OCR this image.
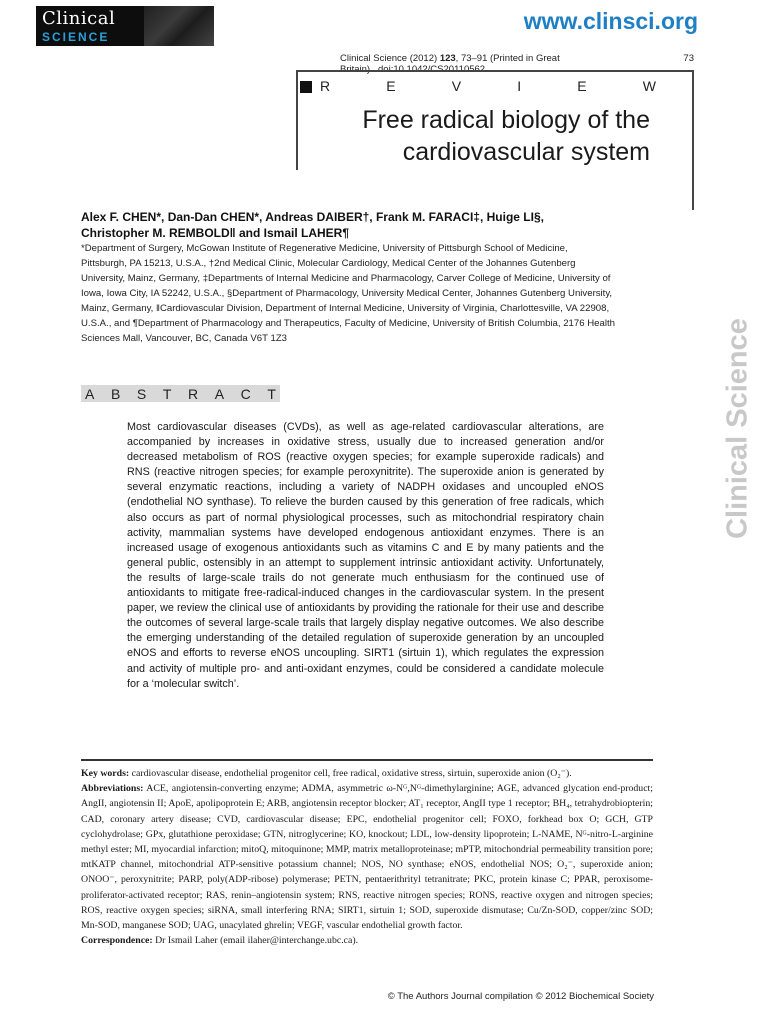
Clinical
SCIENCE
www.clinsci.org
Clinical Science (2012) 123, 73–91 (Printed in Great	73
R	E	V	I	E	W
Free radical biology of the
cardiovascular system
Alex F. CHEN*, Dan-Dan CHEN*, Andreas DAIBER†, Frank M. FARACI‡, Huige LI§,
Christopher M. REMBOLD‖ and Ismail LAHER¶
*Department of Surgery, McGowan Institute of Regenerative Medicine, University of Pittsburgh School of Medicine, Pittsburgh, PA 15213, U.S.A., †2nd Medical Clinic, Molecular Cardiology, Medical Center of the Johannes Gutenberg University, Mainz, Germany, ‡Departments of Internal Medicine and Pharmacology, Carver College of Medicine, University of Iowa, Iowa City, IA 52242, U.S.A., §Department of Pharmacology, University Medical Center, Johannes Gutenberg University, Mainz, Germany, ‖Cardiovascular Division, Department of Internal Medicine, University of Virginia, Charlottesville, VA 22908, U.S.A., and ¶Department of Pharmacology and Therapeutics, Faculty of Medicine, University of British Columbia, 2176 Health Sciences Mall, Vancouver, BC, Canada V6T 1Z3	Clinical Science
A B S T R A C T
Most cardiovascular diseases (CVDs), as well as age-related cardiovascular alterations, are accompanied by increases in oxidative stress, usually due to increased generation and/or decreased metabolism of ROS (reactive oxygen species; for example superoxide radicals) and RNS (reactive nitrogen species; for example peroxynitrite). The superoxide anion is generated by several enzymatic reactions, including a variety of NADPH oxidases and uncoupled eNOS (endothelial NO synthase). To relieve the burden caused by this generation of free radicals, which also occurs as part of normal physiological processes, such as mitochondrial respiratory chain activity, mammalian systems have developed endogenous antioxidant enzymes. There is an increased usage of exogenous antioxidants such as vitamins C and E by many patients and the general public, ostensibly in an attempt to supplement intrinsic antioxidant activity. Unfortunately, the results of large-scale trails do not generate much enthusiasm for the continued use of antioxidants to mitigate free-radical-induced changes in the cardiovascular system. In the present paper, we review the clinical use of antioxidants by providing the rationale for their use and describe the outcomes of several large-scale trails that largely display negative outcomes. We also describe the emerging understanding of the detailed regulation of superoxide generation by an uncoupled eNOS and efforts to reverse eNOS uncoupling. SIRT1 (sirtuin 1), which regulates the expression and activity of multiple pro- and anti-oxidant enzymes, could be considered a candidate molecule for a ‘molecular switch’.
Key words: cardiovascular disease, endothelial progenitor cell, free radical, oxidative stress, sirtuin, superoxide anion (O₂⁻).
Abbreviations: ACE, angiotensin-converting enzyme; ADMA, asymmetric ω-Nᴳ,Nᴳ-dimethylarginine; AGE, advanced glycation end-product; AngII, angiotensin II; ApoE, apolipoprotein E; ARB, angiotensin receptor blocker; AT₁ receptor, AngII type 1 receptor; BH₄, tetrahydrobiopterin; CAD, coronary artery disease; CVD, cardiovascular disease; EPC, endothelial progenitor cell; FOXO, forkhead box O; GCH, GTP cyclohydrolase; GPx, glutathione peroxidase; GTN, nitroglycerine; KO, knockout; LDL, low-density lipoprotein; L-NAME, Nᴳ-nitro-L-arginine methyl ester; MI, myocardial infarction; mitoQ, mitoquinone; MMP, matrix metalloproteinase; mPTP, mitochondrial permeability transition pore; mtKATP channel, mitochondrial ATP-sensitive potassium channel; NOS, NO synthase; eNOS, endothelial NOS; O₂⁻, superoxide anion; ONOO⁻, peroxynitrite; PARP, poly(ADP-ribose) polymerase; PETN, pentaerithrityl tetranitrate; PKC, protein kinase C; PPAR, peroxisome- proliferator-activated receptor; RAS, renin–angiotensin system; RNS, reactive nitrogen species; RONS, reactive oxygen and nitrogen species; ROS, reactive oxygen species; siRNA, small interfering RNA; SIRT1, sirtuin 1; SOD, superoxide dismutase; Cu/Zn-SOD, copper/zinc SOD; Mn-SOD, manganese SOD; UAG, unacylated ghrelin; VEGF, vascular endothelial growth factor.
Correspondence: Dr Ismail Laher (email ilaher@interchange.ubc.ca).
© The Authors Journal compilation © 2012 Biochemical Society
